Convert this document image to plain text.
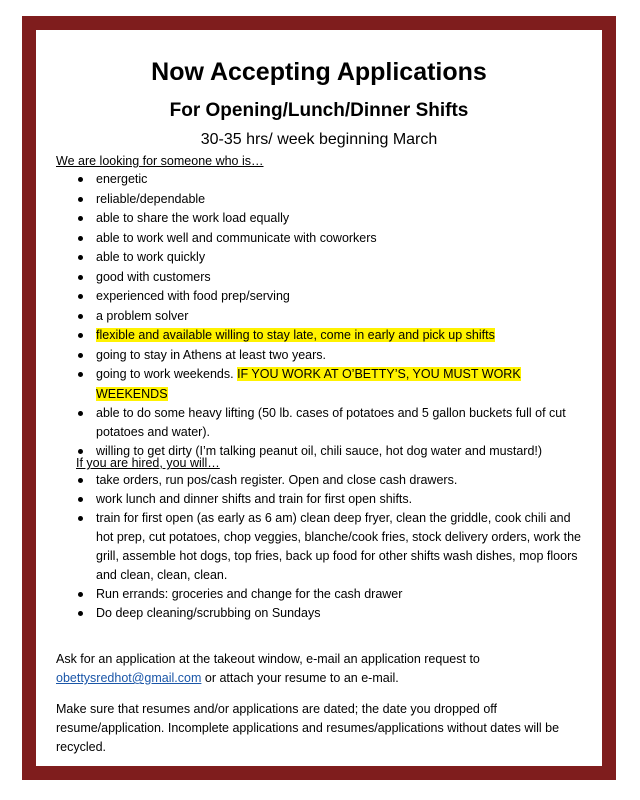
Now Accepting Applications
For Opening/Lunch/Dinner Shifts
30-35 hrs/ week beginning March
We are looking for someone who is…
energetic
reliable/dependable
able to share the work load equally
able to work well and communicate with coworkers
able to work quickly
good with customers
experienced with food prep/serving
a problem solver
flexible and available willing to stay late, come in early and pick up shifts
going to stay in Athens at least two years.
going to work weekends. IF YOU WORK AT O’BETTY’S, YOU MUST WORK WEEKENDS
able to do some heavy lifting (50 lb. cases of potatoes and 5 gallon buckets full of cut potatoes and water).
willing to get dirty (I’m talking peanut oil, chili sauce, hot dog water and mustard!)
If you are hired, you will…
take orders, run pos/cash register. Open and close cash drawers.
work lunch and dinner shifts and train for first open shifts.
train for first open (as early as 6 am) clean deep fryer, clean the griddle, cook chili and hot prep, cut potatoes, chop veggies, blanche/cook fries, stock delivery orders, work the grill, assemble hot dogs, top fries, back up food for other shifts wash dishes, mop floors and clean, clean, clean.
Run errands: groceries and change for the cash drawer
Do deep cleaning/scrubbing on Sundays
Ask for an application at the takeout window, e-mail an application request to obettysredhot@gmail.com or attach your resume to an e-mail.
Make sure that resumes and/or applications are dated; the date you dropped off resume/application. Incomplete applications and resumes/applications without dates will be recycled.
